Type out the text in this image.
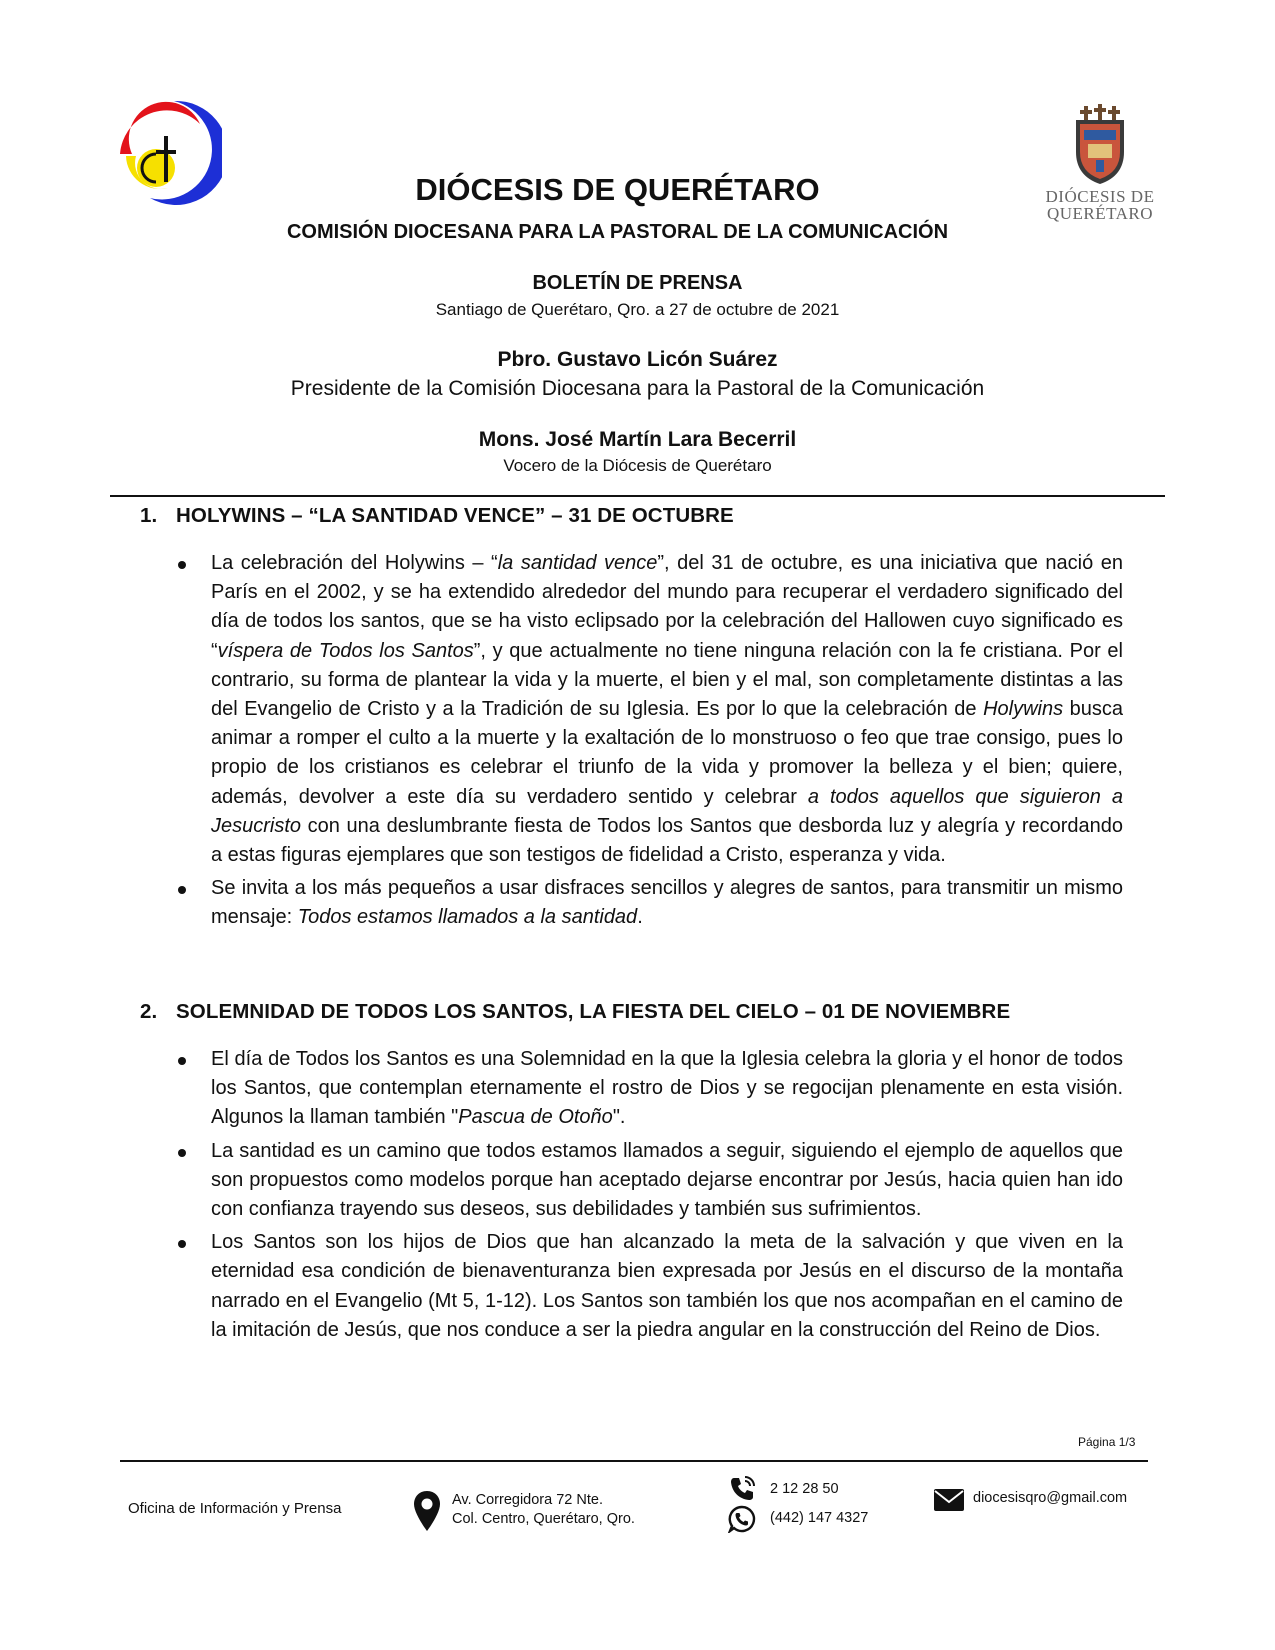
DIÓCESIS DE
QUERÉTARO
DIÓCESIS DE QUERÉTARO
COMISIÓN DIOCESANA PARA LA PASTORAL DE LA COMUNICACIÓN
BOLETÍN DE PRENSA
Santiago de Querétaro, Qro. a 27 de octubre de 2021
Pbro. Gustavo Licón Suárez
Presidente de la Comisión Diocesana para la Pastoral de la Comunicación
Mons. José Martín Lara Becerril
Vocero de la Diócesis de Querétaro
1. HOLYWINS – “LA SANTIDAD VENCE” – 31 DE OCTUBRE
La celebración del Holywins – “la santidad vence”, del 31 de octubre, es una iniciativa que nació en París en el 2002, y se ha extendido alrededor del mundo para recuperar el verdadero significado del día de todos los santos, que se ha visto eclipsado por la celebración del Hallowen cuyo significado es “víspera de Todos los Santos”, y que actualmente no tiene ninguna relación con la fe cristiana. Por el contrario, su forma de plantear la vida y la muerte, el bien y el mal, son completamente distintas a las del Evangelio de Cristo y a la Tradición de su Iglesia. Es por lo que la celebración de Holywins busca animar a romper el culto a la muerte y la exaltación de lo monstruoso o feo que trae consigo, pues lo propio de los cristianos es celebrar el triunfo de la vida y promover la belleza y el bien; quiere, además, devolver a este día su verdadero sentido y celebrar a todos aquellos que siguieron a Jesucristo con una deslumbrante fiesta de Todos los Santos que desborda luz y alegría y recordando a estas figuras ejemplares que son testigos de fidelidad a Cristo, esperanza y vida.
Se invita a los más pequeños a usar disfraces sencillos y alegres de santos, para transmitir un mismo mensaje: Todos estamos llamados a la santidad.
2. SOLEMNIDAD DE TODOS LOS SANTOS, LA FIESTA DEL CIELO – 01 DE NOVIEMBRE
El día de Todos los Santos es una Solemnidad en la que la Iglesia celebra la gloria y el honor de todos los Santos, que contemplan eternamente el rostro de Dios y se regocijan plenamente en esta visión. Algunos la llaman también "Pascua de Otoño".
La santidad es un camino que todos estamos llamados a seguir, siguiendo el ejemplo de aquellos que son propuestos como modelos porque han aceptado dejarse encontrar por Jesús, hacia quien han ido con confianza trayendo sus deseos, sus debilidades y también sus sufrimientos.
Los Santos son los hijos de Dios que han alcanzado la meta de la salvación y que viven en la eternidad esa condición de bienaventuranza bien expresada por Jesús en el discurso de la montaña narrado en el Evangelio (Mt 5, 1-12). Los Santos son también los que nos acompañan en el camino de la imitación de Jesús, que nos conduce a ser la piedra angular en la construcción del Reino de Dios.
Página 1/3
Oficina de Información y Prensa	Av. Corregidora 72 Nte.
Col. Centro, Querétaro, Qro.
2 12 28 50
(442) 147 4327
diocesisqro@gmail.com
